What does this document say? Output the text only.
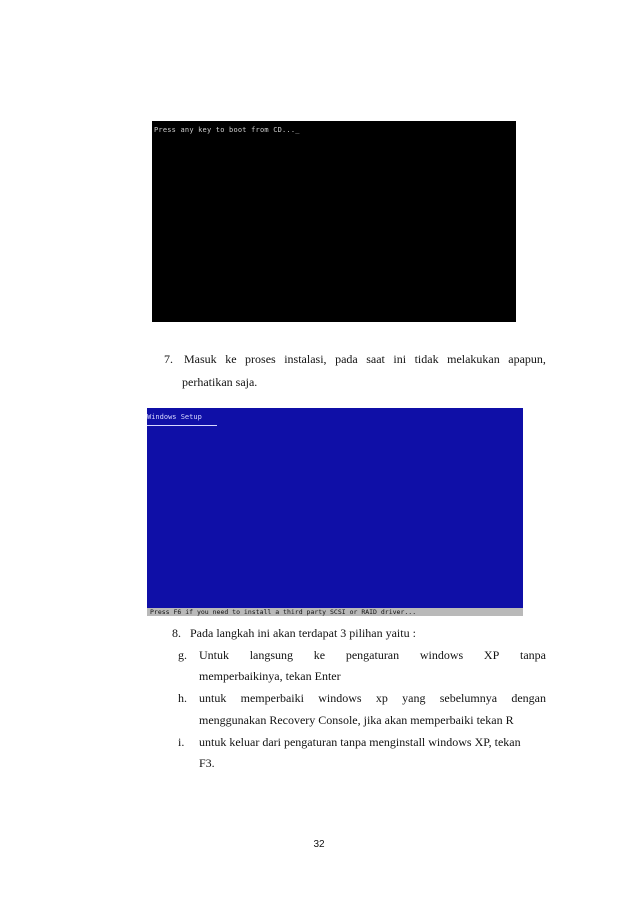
Press any key to boot from CD..._
7. Masuk ke proses instalasi, pada saat ini tidak melakukan apapun,
perhatikan saja.
Windows Setup
Press F6 if you need to install a third party SCSI or RAID driver...
8. Pada langkah ini akan terdapat 3 pilihan yaitu :
g. Untuk langsung ke pengaturan windows XP tanpa
memperbaikinya, tekan Enter
h. untuk memperbaiki windows xp yang sebelumnya dengan
menggunakan Recovery Console, jika akan memperbaiki tekan R
i. untuk keluar dari pengaturan tanpa menginstall windows XP, tekan
F3.
32
